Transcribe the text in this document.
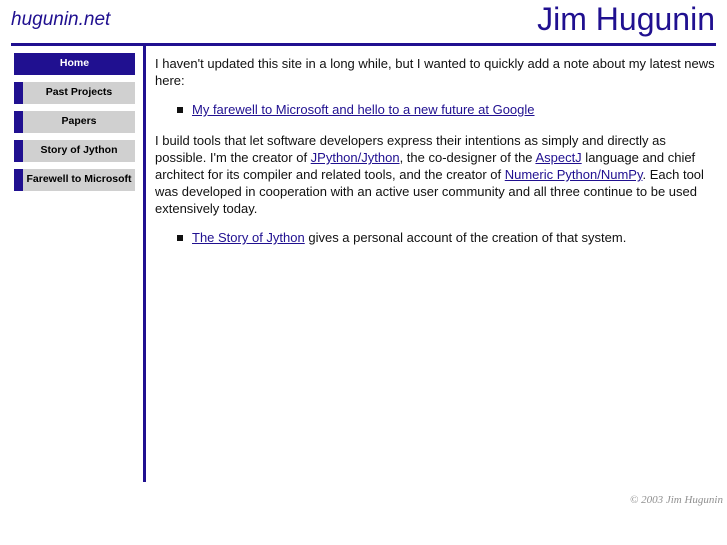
hugunin.net	Jim Hugunin
Home
Past Projects
Papers
Story of Jython
Farewell to Microsoft

I haven't updated this site in a long while, but I wanted to quickly add a note about my latest news here:

My farewell to Microsoft and hello to a new future at Google

I build tools that let software developers express their intentions as simply and directly as possible. I'm the creator of JPython/Jython, the co-designer of the AspectJ language and chief architect for its compiler and related tools, and the creator of Numeric Python/NumPy. Each tool was developed in cooperation with an active user community and all three continue to be used extensively today.

The Story of Jython gives a personal account of the creation of that system.
© 2003 Jim Hugunin
